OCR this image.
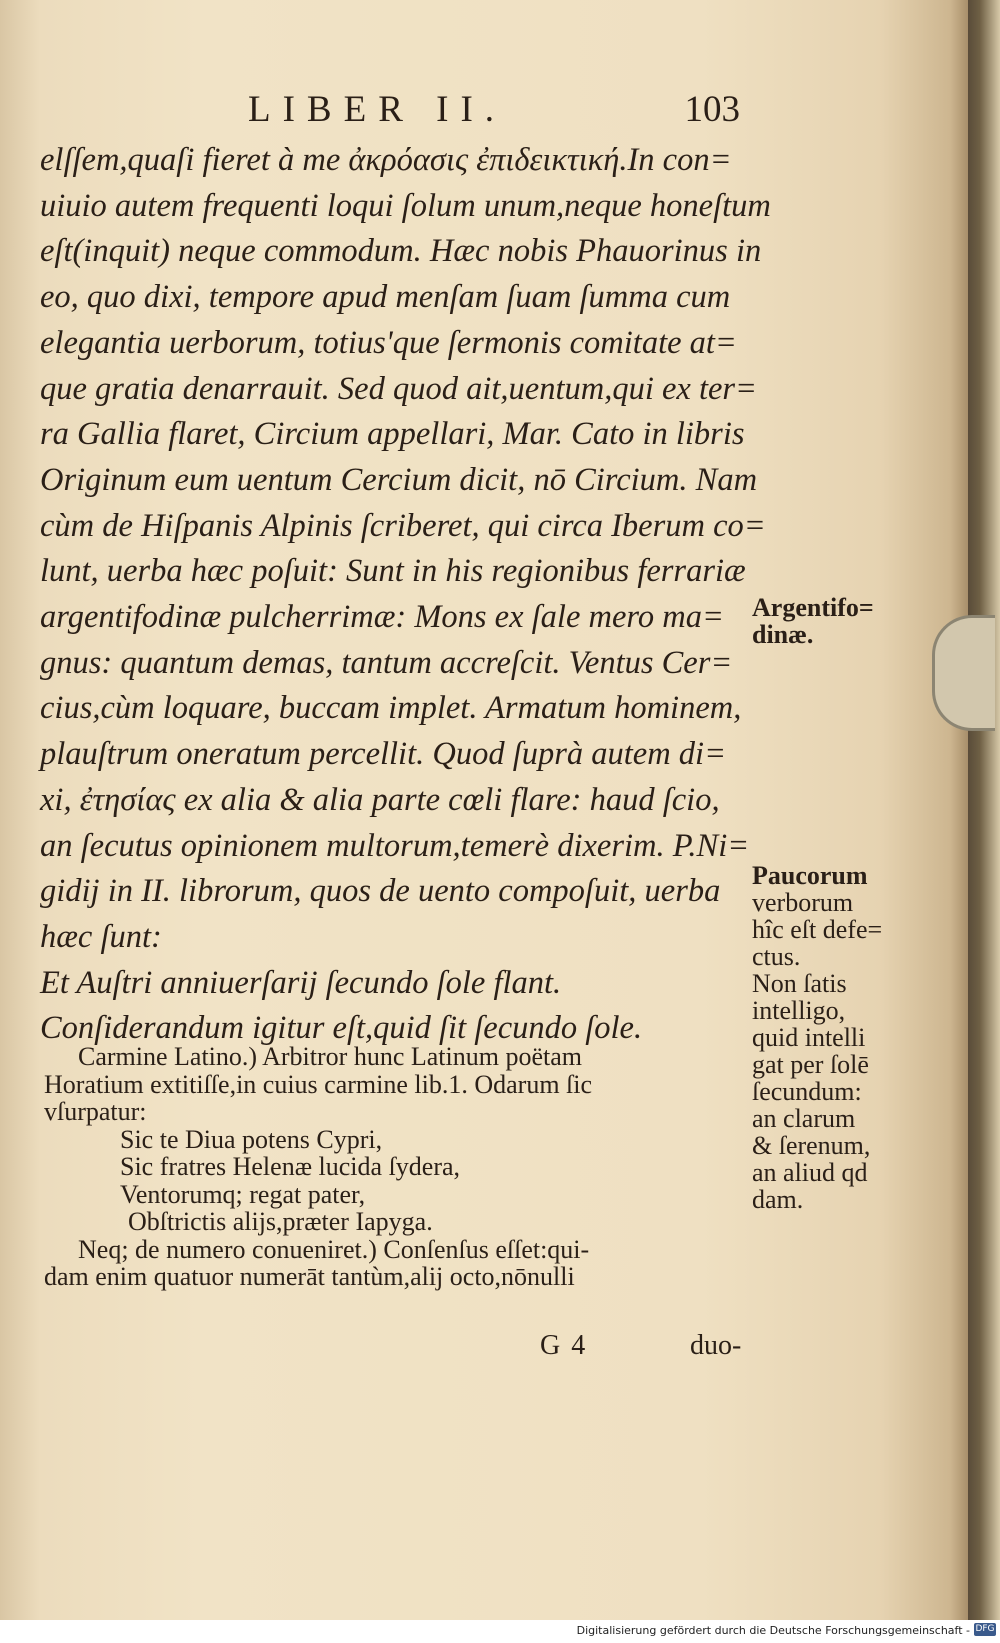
LIBER II.	103
elſſem,quaſi fieret à me ἀκρόασις ἐπιδεικτική.In con=
uiuio autem frequenti loqui ſolum unum,neque honeſtum
eſt(inquit) neque commodum. Hæc nobis Phauorinus in
eo, quo dixi, tempore apud menſam ſuam ſumma cum
elegantia uerborum, totius'que ſermonis comitate at=
que gratia denarrauit. Sed quod ait,uentum,qui ex ter=
ra Gallia flaret, Circium appellari, Mar. Cato in libris
Originum eum uentum Cercium dicit, nō Circium. Nam
cùm de Hiſpanis Alpinis ſcriberet, qui circa Iberum co=
lunt, uerba hæc poſuit: Sunt in his regionibus ferrariæ
argentifodinæ pulcherrimæ: Mons ex ſale mero ma=
gnus: quantum demas, tantum accreſcit. Ventus Cer=
cius,cùm loquare, buccam implet. Armatum hominem,
plauſtrum oneratum percellit. Quod ſuprà autem di=
xi, ἐτησίας ex alia & alia parte cœli flare: haud ſcio,
an ſecutus opinionem multorum,temerè dixerim. P.Ni=
gidij in II. librorum, quos de uento compoſuit, uerba
hæc ſunt:
Et Auſtri anniuerſarij ſecundo ſole flant.
Conſiderandum igitur eſt,quid ſit ſecundo ſole.
Carmine Latino.) Arbitror hunc Latinum poëtam
Horatium extitiſſe,in cuius carmine lib.1. Odarum ſic
vſurpatur:
Sic te Diua potens Cypri,
Sic fratres Helenæ lucida ſydera,
Ventorumq; regat pater,
Obſtrictis alijs,præter Iapyga.
Neq; de numero conueniret.) Conſenſus eſſet:qui-
dam enim quatuor numerāt tantùm,alij octo,nōnulli
G 4	duo-
Argentifo=
dinæ.
Paucorum
verborum
hîc eſt defe=
ctus.
Non ſatis
intelligo,
quid intelli
gat per ſolē
ſecundum:
an clarum
& ſerenum,
an aliud qd
dam.
Digitalisierung gefördert durch die Deutsche Forschungsgemeinschaft - DFG
